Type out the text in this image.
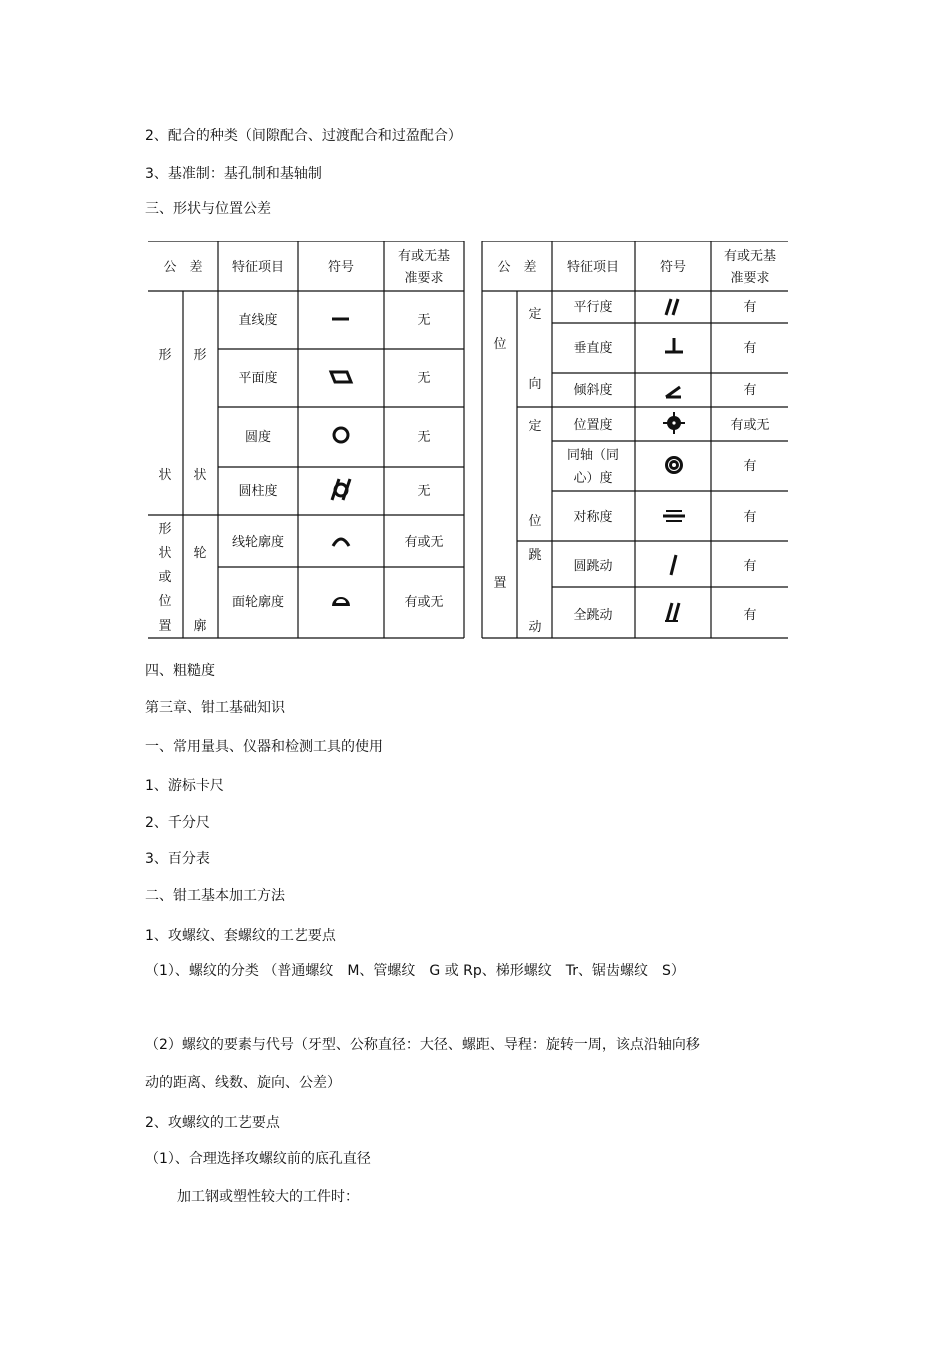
2、配合的种类（间隙配合、过渡配合和过盈配合）
3、基准制：基孔制和基轴制
三、形状与位置公差
公　差 特征项目	符号
有或无基
准要求
公　差 特征项目	符号
有或无基
准要求
形
状
形
状
形
状
或
位
置
轮
廓
直线度
平面度
圆度
圆柱度
线轮廓度
面轮廓度
无
无
无
无
有或无
有或无
位
置
定
向
定
位
跳
动
平行度
垂直度
倾斜度
位置度
同轴（同
心）度
对称度
圆跳动
全跳动
有
有
有
有或无
有
有
有
有
四、粗糙度
第三章、钳工基础知识
一、常用量具、仪器和检测工具的使用
1、游标卡尺
2、千分尺
3、百分表
二、钳工基本加工方法
1、攻螺纹、套螺纹的工艺要点
（1）、螺纹的分类 （普通螺纹　M、管螺纹　G 或 Rp、梯形螺纹　Tr、锯齿螺纹　S）
（2）螺纹的要素与代号（牙型、公称直径：大径、螺距、导程：旋转一周，该点沿轴向移
动的距离、线数、旋向、公差）
2、攻螺纹的工艺要点
（1）、合理选择攻螺纹前的底孔直径
加工钢或塑性较大的工件时：
